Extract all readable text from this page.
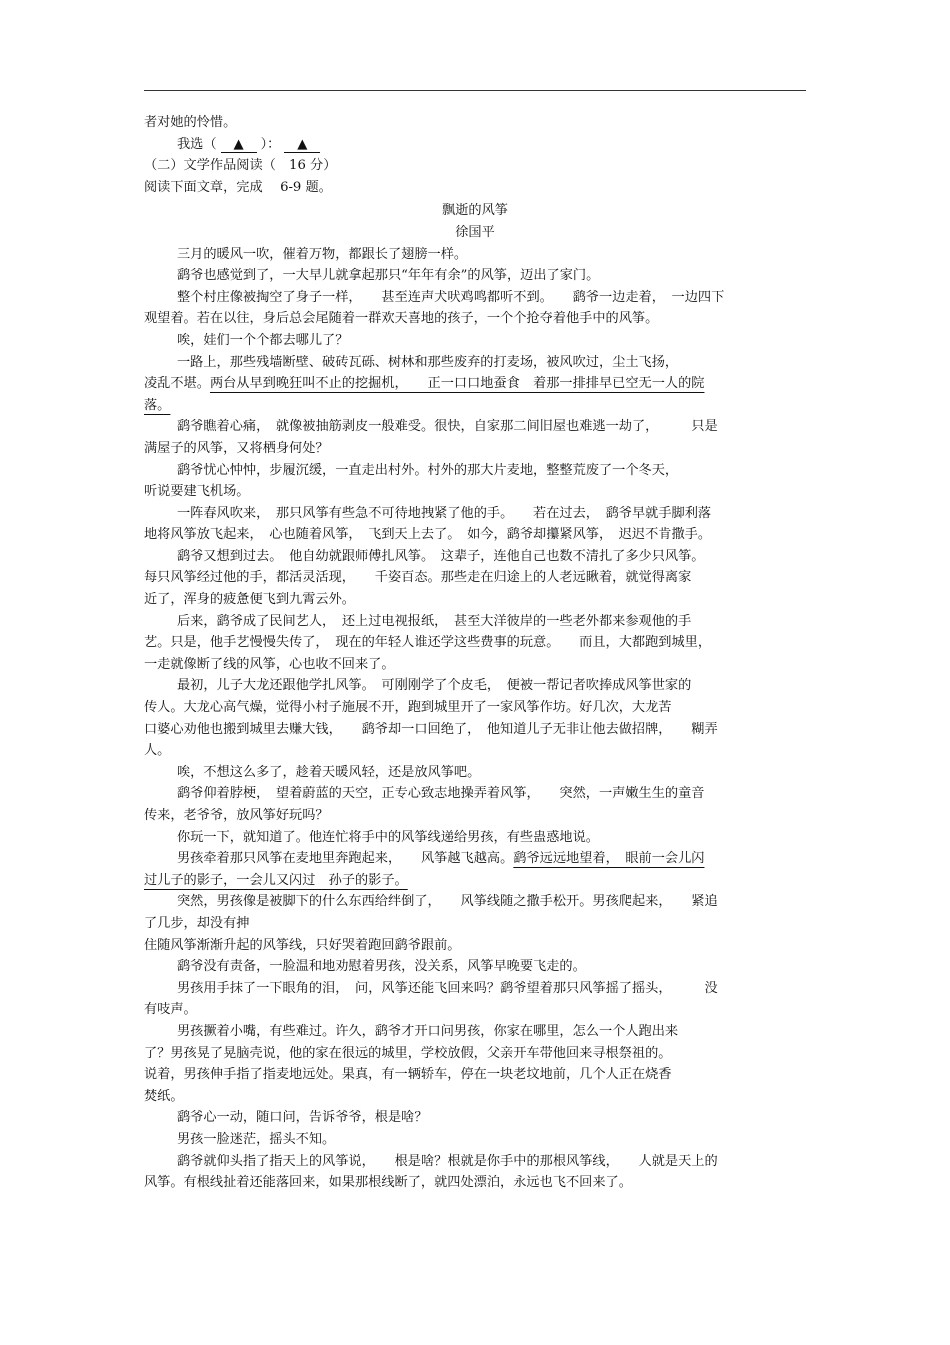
者对她的怜惜。
我选（ ▲ ）： ▲
（二）文学作品阅读（　16 分）
阅读下面文章，完成　 6-9 题。
飘逝的风筝
徐国平
三月的暖风一吹，催着万物，都跟长了翅膀一样。
鹞爷也感觉到了，一大早儿就拿起那只“年年有余”的风筝，迈出了家门。
整个村庄像被掏空了身子一样，　　甚至连声犬吠鸡鸣都听不到。　　鹞爷一边走着，　一边四下
观望着。若在以往，身后总会尾随着一群欢天喜地的孩子，一个个抢夺着他手中的风筝。
唉，娃们一个个都去哪儿了？
一路上，那些残墙断壁、破砖瓦砾、树林和那些废弃的打麦场，被风吹过，尘土飞扬，
凌乱不堪。两台从早到晚狂叫不止的挖掘机，　　正一口口地蚕食　着那一排排早已空无一人的院
落。
鹞爷瞧着心痛，　就像被抽筋剥皮一般难受。很快，自家那二间旧屋也难逃一劫了，　　　只是
满屋子的风筝，又将栖身何处？
鹞爷忧心忡忡，步履沉缓，一直走出村外。村外的那大片麦地，整整荒废了一个冬天，
听说要建飞机场。
一阵春风吹来，　那只风筝有些急不可待地拽紧了他的手。　　若在过去，　鹞爷早就手脚利落
地将风筝放飞起来，　心也随着风筝，　飞到天上去了。　如今，鹞爷却攥紧风筝，　迟迟不肯撒手。
鹞爷又想到过去。　他自幼就跟师傅扎风筝。　这辈子，连他自己也数不清扎了多少只风筝。
每只风筝经过他的手，都活灵活现，　　千姿百态。那些走在归途上的人老远瞅着，就觉得离家
近了，浑身的疲惫便飞到九霄云外。
后来，鹞爷成了民间艺人，　还上过电视报纸，　甚至大洋彼岸的一些老外都来参观他的手
艺。只是，他手艺慢慢失传了，　现在的年轻人谁还学这些费事的玩意。　　而且，大都跑到城里，
一走就像断了线的风筝，心也收不回来了。
最初，儿子大龙还跟他学扎风筝。　可刚刚学了个皮毛，　便被一帮记者吹捧成风筝世家的
传人。大龙心高气燥，觉得小村子施展不开，跑到城里开了一家风筝作坊。好几次，大龙苦
口婆心劝他也搬到城里去赚大钱，　　鹞爷却一口回绝了，　他知道儿子无非让他去做招牌，　　糊弄
人。
唉，不想这么多了，趁着天暖风轻，还是放风筝吧。
鹞爷仰着脖梗，　望着蔚蓝的天空，正专心致志地操弄着风筝，　　突然，一声嫩生生的童音
传来，老爷爷，放风筝好玩吗？
你玩一下，就知道了。他连忙将手中的风筝线递给男孩，有些蛊惑地说。
男孩牵着那只风筝在麦地里奔跑起来，　　风筝越飞越高。鹞爷远远地望着，　眼前一会儿闪
过儿子的影子，一会儿又闪过　孙子的影子。
突然，男孩像是被脚下的什么东西给绊倒了，　　风筝线随之撒手松开。男孩爬起来，　　紧追
了几步，却没有抻
住随风筝渐渐升起的风筝线，只好哭着跑回鹞爷跟前。
鹞爷没有责备，一脸温和地劝慰着男孩，没关系，风筝早晚要飞走的。
男孩用手抹了一下眼角的泪，　问，风筝还能飞回来吗？鹞爷望着那只风筝摇了摇头，　　　没
有吱声。
男孩撅着小嘴，有些难过。许久，鹞爷才开口问男孩，你家在哪里，怎么一个人跑出来
了？男孩晃了晃脑壳说，他的家在很远的城里，学校放假，父亲开车带他回来寻根祭祖的。
说着，男孩伸手指了指麦地远处。果真，有一辆轿车，停在一块老坟地前，几个人正在烧香
焚纸。
鹞爷心一动，随口问，告诉爷爷，根是啥？
男孩一脸迷茫，摇头不知。
鹞爷就仰头指了指天上的风筝说，　　根是啥？根就是你手中的那根风筝线，　　人就是天上的
风筝。有根线扯着还能落回来，如果那根线断了，就四处漂泊，永远也飞不回来了。
